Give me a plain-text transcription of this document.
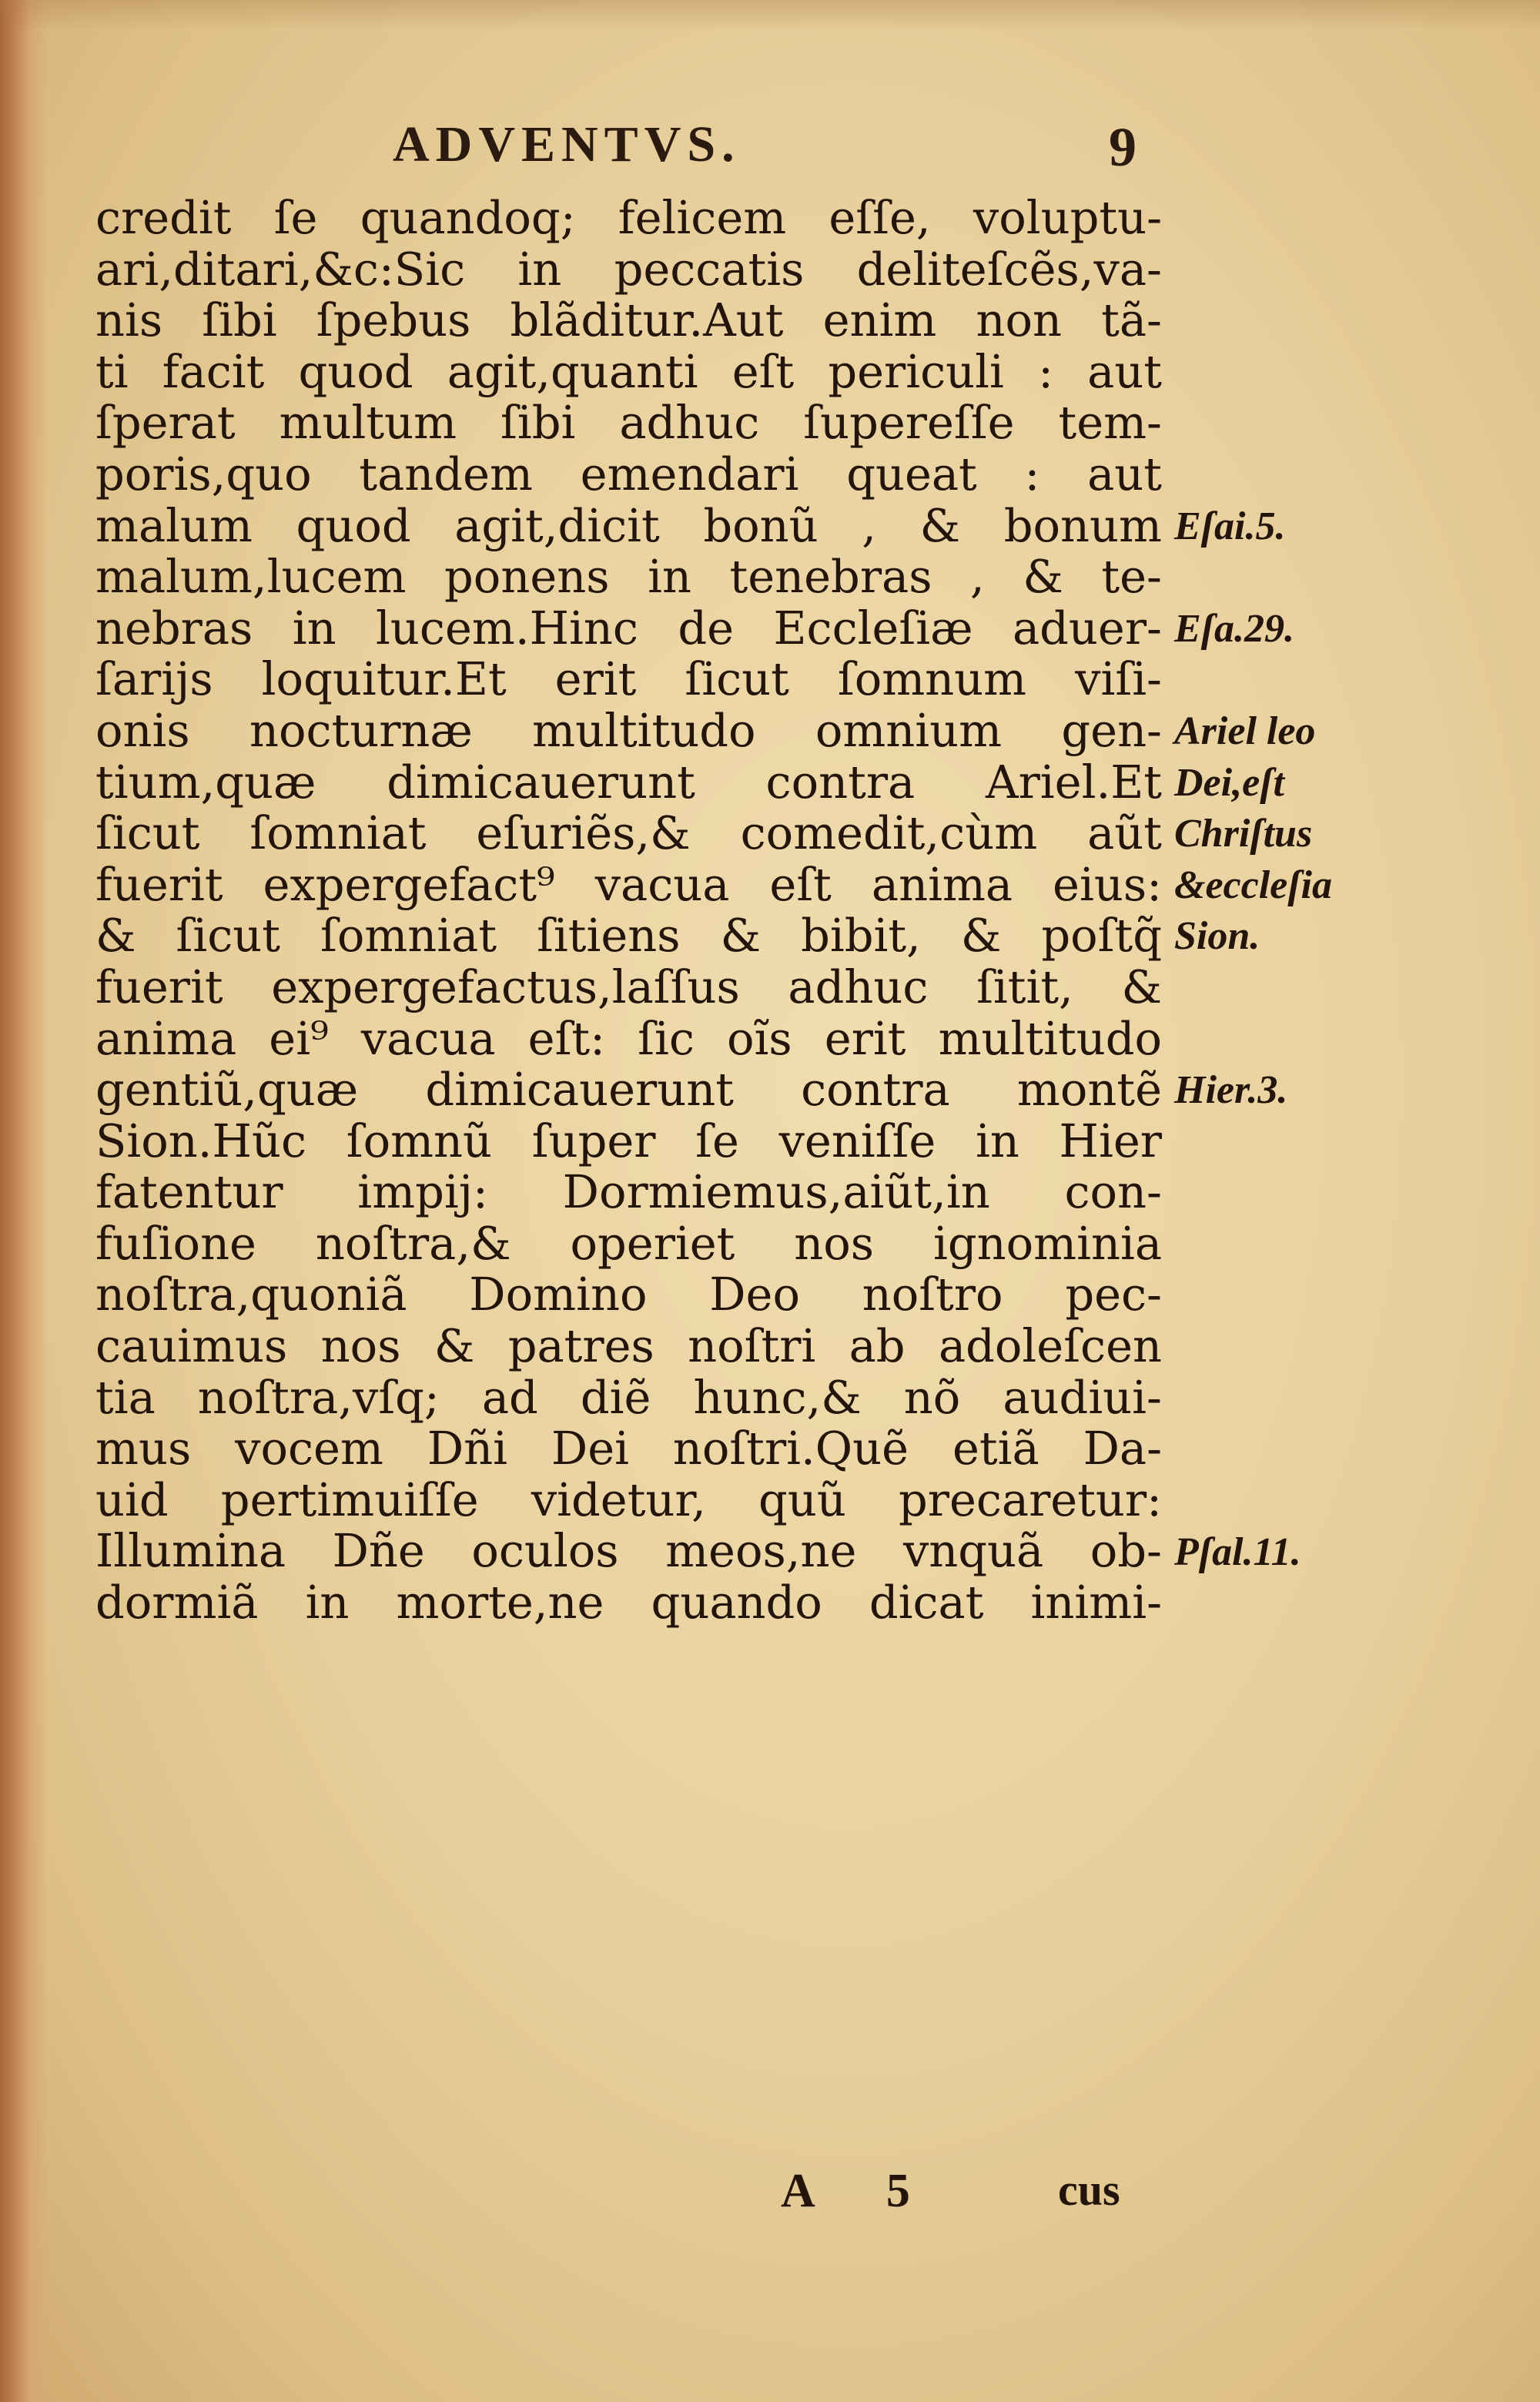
ADVENTVS.	9
credit ſe quandoq; felicem eſſe, voluptu-
ari,ditari,&c:Sic in peccatis delitеſcẽs,va-
nis ſibi ſpebus blãditur.Aut enim non tã-
ti facit quod agit,quanti eſt periculi : aut
ſperat multum ſibi adhuc ſupereſſe tem-
poris,quo tandem emendari queat : aut
malum quod agit,dicit bonũ , & bonum
malum,lucem ponens in tenebras , & te-
nebras in lucem.Hinc de Eccleſiæ aduer-
ſarijs loquitur.Et erit ſicut ſomnum viſi-
onis nocturnæ multitudo omnium gen-
tium,quæ dimicauerunt contra Ariel.Et
ſicut ſomniat eſuriẽs,& comedit,cùm aũt
fuerit expergefact⁹ vacua eſt anima eius:
& ſicut ſomniat ſitiens & bibit, & poſtq̃
fuerit expergefactus,laſſus adhuc ſitit, &
anima ei⁹ vacua eſt: ſic oĩs erit multitudo
gentiũ,quæ dimicauerunt contra montẽ
Sion.Hũc ſomnũ ſuper ſe veniſſe in Hier
fatentur impij: Dormiemus,aiũt,in con-
fuſione noſtra,& operiet nos ignominia
noſtra,quoniã Domino Deo noſtro pec-
cauimus nos & patres noſtri ab adoleſcen
tia noſtra,vſq; ad diẽ hunc,& nõ audiui-
mus vocem Dñi Dei noſtri.Quẽ etiã Da-
uid pertimuiſſe videtur, quũ precaretur:
Illumina Dñe oculos meos,ne vnquã ob-
dormiã in morte,ne quando dicat inimi-
Eſai.5.
Eſa.29.
Ariel leo
Dei,eſt
Chriſtus
&eccleſia
Sion.
Hier.3.
Pſal.11.
A 5	cus
